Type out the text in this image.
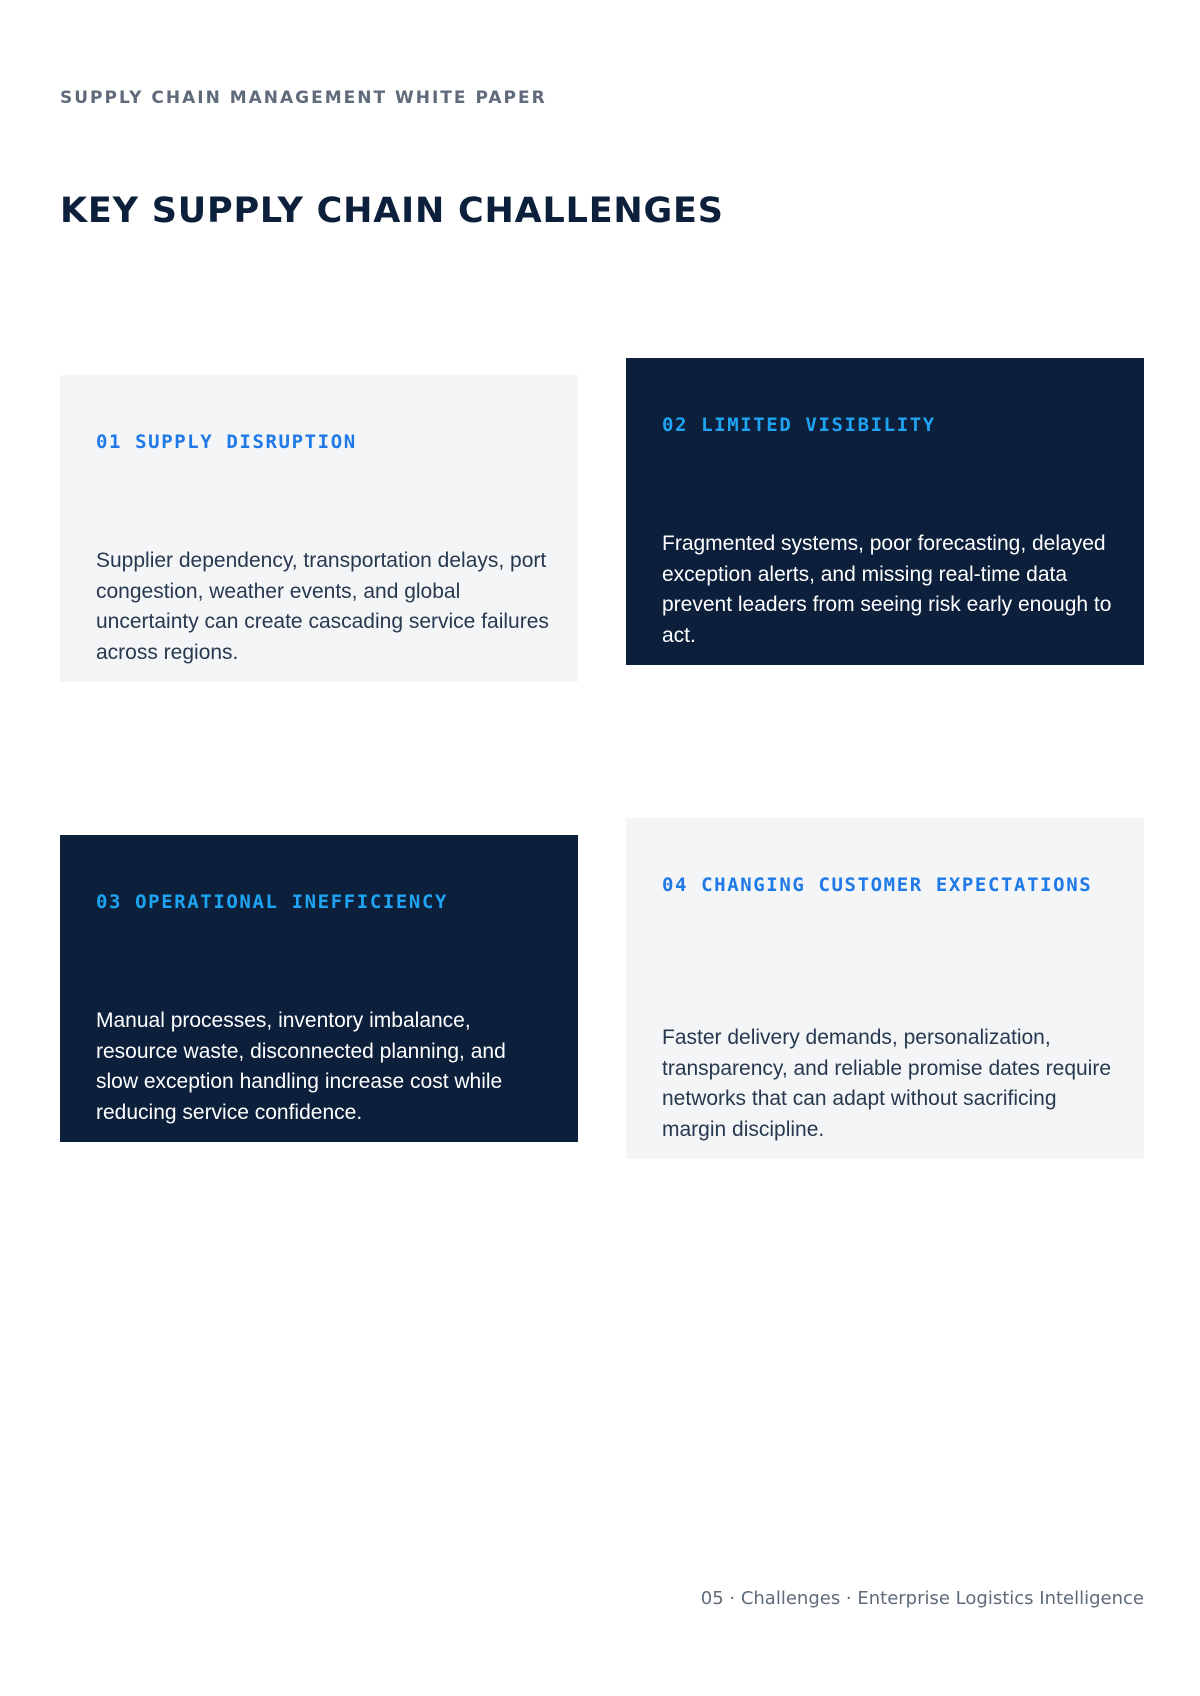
SUPPLY CHAIN MANAGEMENT WHITE PAPER
KEY SUPPLY CHAIN CHALLENGES
01 SUPPLY DISRUPTION
Supplier dependency, transportation delays, port congestion, weather events, and global uncertainty can create cascading service failures across regions.
02 LIMITED VISIBILITY
Fragmented systems, poor forecasting, delayed exception alerts, and missing real-time data prevent leaders from seeing risk early enough to act.
03 OPERATIONAL INEFFICIENCY
Manual processes, inventory imbalance, resource waste, disconnected planning, and slow exception handling increase cost while reducing service confidence.
04 CHANGING CUSTOMER EXPECTATIONS
Faster delivery demands, personalization, transparency, and reliable promise dates require networks that can adapt without sacrificing margin discipline.
05 · Challenges · Enterprise Logistics Intelligence
